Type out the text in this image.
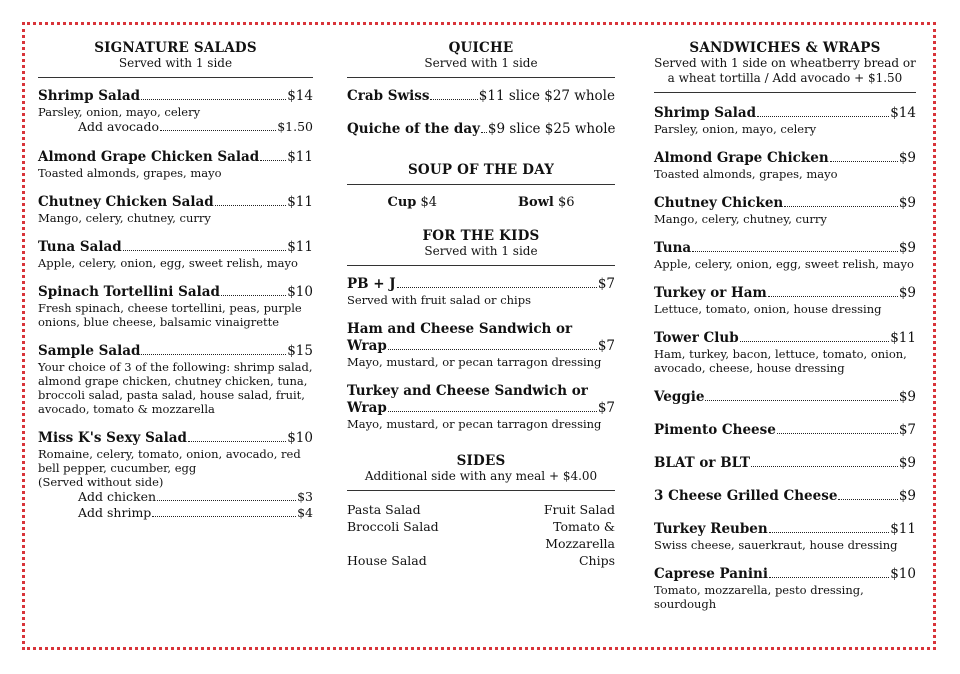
SIGNATURE SALADS
Served with 1 side
Shrimp Salad	$14
Parsley, onion, mayo, celery
Add avocado	$1.50
Almond Grape Chicken Salad $11
Toasted almonds, grapes, mayo
Chutney Chicken Salad	$11
Mango, celery, chutney, curry
Tuna Salad	$11
Apple, celery, onion, egg, sweet relish, mayo
Spinach Tortellini Salad	$10
Fresh spinach, cheese tortellini, peas, purple onions, blue cheese, balsamic vinaigrette
Sample Salad	$15
Your choice of 3 of the following: shrimp salad, almond grape chicken, chutney chicken, tuna, broccoli salad, pasta salad, house salad, fruit, avocado, tomato & mozzarella
Miss K's Sexy Salad	$10
Romaine, celery, tomato, onion, avocado, red bell pepper, cucumber, egg
(Served without side)
Add chicken	$3
Add shrimp	$4
QUICHE
Served with 1 side
Crab Swiss	$11 slice $27 whole
Quiche of the day $9 slice $25 whole
SOUP OF THE DAY
Cup $4	Bowl $6
FOR THE KIDS
Served with 1 side
PB + J	$7
Served with fruit salad or chips
Ham and Cheese Sandwich or
Wrap	$7
Mayo, mustard, or pecan tarragon dressing
Turkey and Cheese Sandwich or
Wrap	$7
Mayo, mustard, or pecan tarragon dressing
SIDES
Additional side with any meal + $4.00
Pasta Salad	Fruit Salad
Broccoli Salad	Tomato & Mozzarella
House Salad	Chips
SANDWICHES & WRAPS
Served with 1 side on wheatberry bread or a wheat tortilla / Add avocado + $1.50
Shrimp Salad	$14
Parsley, onion, mayo, celery
Almond Grape Chicken	$9
Toasted almonds, grapes, mayo
Chutney Chicken	$9
Mango, celery, chutney, curry
Tuna	$9
Apple, celery, onion, egg, sweet relish, mayo
Turkey or Ham	$9
Lettuce, tomato, onion, house dressing
Tower Club	$11
Ham, turkey, bacon, lettuce, tomato, onion, avocado, cheese, house dressing
Veggie	$9
Pimento Cheese	$7
BLAT or BLT	$9
3 Cheese Grilled Cheese	$9
Turkey Reuben	$11
Swiss cheese, sauerkraut, house dressing
Caprese Panini	$10
Tomato, mozzarella, pesto dressing, sourdough
